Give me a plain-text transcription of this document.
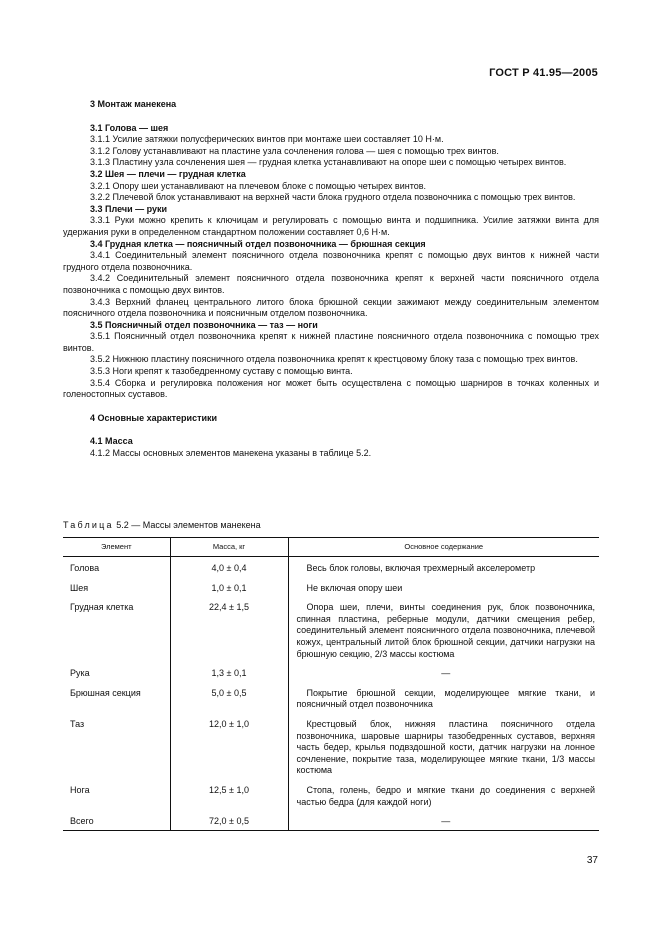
ГОСТ Р 41.95—2005
3 Монтаж манекена
3.1 Голова — шея
3.1.1 Усилие затяжки полусферических винтов при монтаже шеи составляет 10 Н·м.
3.1.2 Голову устанавливают на пластине узла сочленения голова — шея с помощью трех винтов.
3.1.3 Пластину узла сочленения шея — грудная клетка устанавливают на опоре шеи с помощью четырех винтов.
3.2 Шея — плечи — грудная клетка
3.2.1 Опору шеи устанавливают на плечевом блоке с помощью четырех винтов.
3.2.2 Плечевой блок устанавливают на верхней части блока грудного отдела позвоночника с помощью трех винтов.
3.3 Плечи — руки
3.3.1 Руки можно крепить к ключицам и регулировать с помощью винта и подшипника. Усилие затяжки винта для удержания руки в определенном стандартном положении составляет 0,6 Н·м.
3.4 Грудная клетка — поясничный отдел позвоночника — брюшная секция
3.4.1 Соединительный элемент поясничного отдела позвоночника крепят с помощью двух винтов к нижней части грудного отдела позвоночника.
3.4.2 Соединительный элемент поясничного отдела позвоночника крепят к верхней части поясничного отдела позвоночника с помощью двух винтов.
3.4.3 Верхний фланец центрального литого блока брюшной секции зажимают между соединительным элементом поясничного отдела позвоночника и поясничным отделом позвоночника.
3.5 Поясничный отдел позвоночника — таз — ноги
3.5.1 Поясничный отдел позвоночника крепят к нижней пластине поясничного отдела позвоночника с помощью трех винтов.
3.5.2 Нижнюю пластину поясничного отдела позвоночника крепят к крестцовому блоку таза с помощью трех винтов.
3.5.3 Ноги крепят к тазобедренному суставу с помощью винта.
3.5.4 Сборка и регулировка положения ног может быть осуществлена с помощью шарниров в точках коленных и голеностопных суставов.
4 Основные характеристики
4.1 Масса
4.1.2 Массы основных элементов манекена указаны в таблице 5.2.
Таблица 5.2 — Массы элементов манекена
Элемент	Масса, кг	Основное содержание
Голова	4,0 ± 0,4	Весь блок головы, включая трехмерный акселерометр

Шея	1,0 ± 0,1	Не включая опору шеи

Грудная клетка	22,4 ± 1,5	Опора шеи, плечи, винты соединения рук, блок позвоночника, спинная пластина, реберные модули, датчики смещения ребер, соединительный элемент поясничного отдела позвоночника, плечевой кожух, центральный литой блок брюшной секции, датчики нагрузки на брюшную секцию, 2/3 массы костюма

Рука	1,3 ± 0,1	—
Брюшная секция	5,0 ± 0,5	Покрытие брюшной секции, моделирующее мягкие ткани, и поясничный отдел позвоночника

Таз	12,0 ± 1,0	Крестцовый блок, нижняя пластина поясничного отдела позвоночника, шаровые шарниры тазобедренных суставов, верхняя часть бедер, крылья подвздошной кости, датчик нагрузки на лонное сочленение, покрытие таза, моделирующее мягкие ткани, 1/3 массы костюма

Нога	12,5 ± 1,0	Стопа, голень, бедро и мягкие ткани до соединения с верхней частью бедра (для каждой ноги)

Всего	72,0 ± 0,5	—
37
